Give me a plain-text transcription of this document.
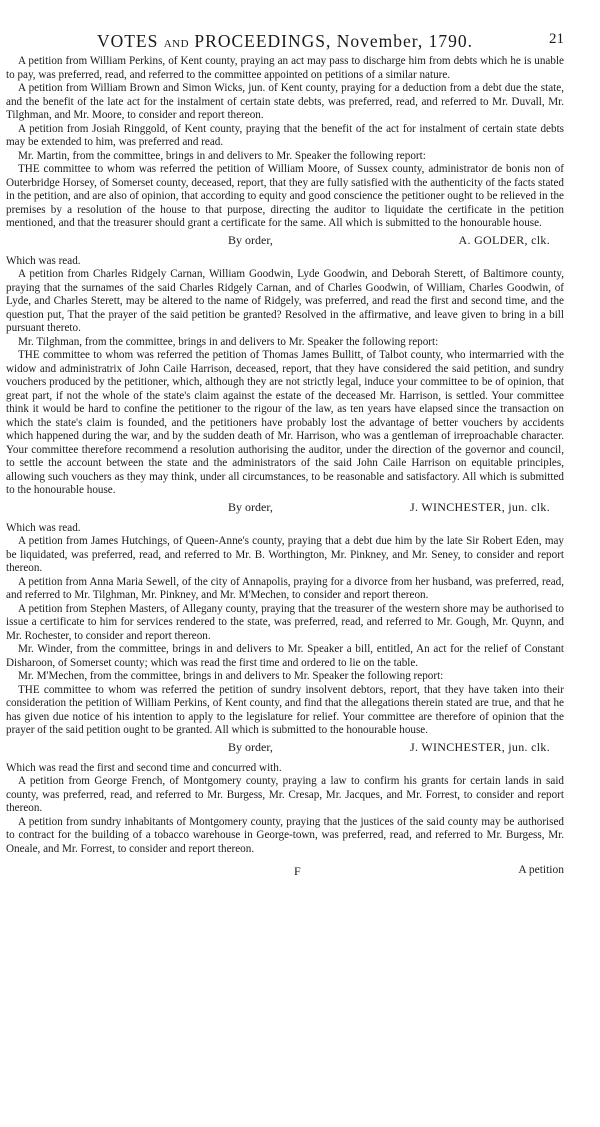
VOTES AND PROCEEDINGS, November, 1790.	21

A petition from William Perkins, of Kent county, praying an act may pass to discharge him from debts which he is unable to pay, was preferred, read, and referred to the committee appointed on petitions of a similar nature.

A petition from William Brown and Simon Wicks, jun. of Kent county, praying for a deduction from a debt due the state, and the benefit of the late act for the instalment of certain state debts, was preferred, read, and referred to Mr. Duvall, Mr. Tilghman, and Mr. Moore, to consider and report thereon.

A petition from Josiah Ringgold, of Kent county, praying that the benefit of the act for instalment of certain state debts may be extended to him, was preferred and read.

Mr. Martin, from the committee, brings in and delivers to Mr. Speaker the following report:

THE committee to whom was referred the petition of William Moore, of Sussex county, administrator de bonis non of Outerbridge Horsey, of Somerset county, deceased, report, that they are fully satisfied with the authenticity of the facts stated in the petition, and are also of opinion, that according to equity and good conscience the petitioner ought to be relieved in the premises by a resolution of the house to that purpose, directing the auditor to liquidate the certificate in the petition mentioned, and that the treasurer should grant a certificate for the same. All which is submitted to the honourable house.

By order,	A. GOLDER, clk.

Which was read.

A petition from Charles Ridgely Carnan, William Goodwin, Lyde Goodwin, and Deborah Sterett, of Baltimore county, praying that the surnames of the said Charles Ridgely Carnan, and of Charles Goodwin, of William, Charles Goodwin, of Lyde, and Charles Sterett, may be altered to the name of Ridgely, was preferred, and read the first and second time, and the question put, That the prayer of the said petition be granted? Resolved in the affirmative, and leave given to bring in a bill pursuant thereto.

Mr. Tilghman, from the committee, brings in and delivers to Mr. Speaker the following report:

THE committee to whom was referred the petition of Thomas James Bullitt, of Talbot county, who intermarried with the widow and administratrix of John Caile Harrison, deceased, report, that they have considered the said petition, and sundry vouchers produced by the petitioner, which, although they are not strictly legal, induce your committee to be of opinion, that great part, if not the whole of the state's claim against the estate of the deceased Mr. Harrison, is settled. Your committee think it would be hard to confine the petitioner to the rigour of the law, as ten years have elapsed since the transaction on which the state's claim is founded, and the petitioners have probably lost the advantage of better vouchers by accidents which happened during the war, and by the sudden death of Mr. Harrison, who was a gentleman of irreproachable character. Your committee therefore recommend a resolution authorising the auditor, under the direction of the governor and council, to settle the account between the state and the administrators of the said John Caile Harrison on equitable principles, allowing such vouchers as they may think, under all circumstances, to be reasonable and satisfactory. All which is submitted to the honourable house.

By order,	J. WINCHESTER, jun. clk.

Which was read.

A petition from James Hutchings, of Queen-Anne's county, praying that a debt due him by the late Sir Robert Eden, may be liquidated, was preferred, read, and referred to Mr. B. Worthington, Mr. Pinkney, and Mr. Seney, to consider and report thereon.

A petition from Anna Maria Sewell, of the city of Annapolis, praying for a divorce from her husband, was preferred, read, and referred to Mr. Tilghman, Mr. Pinkney, and Mr. M'Mechen, to consider and report thereon.

A petition from Stephen Masters, of Allegany county, praying that the treasurer of the western shore may be authorised to issue a certificate to him for services rendered to the state, was preferred, read, and referred to Mr. Gough, Mr. Quynn, and Mr. Rochester, to consider and report thereon.

Mr. Winder, from the committee, brings in and delivers to Mr. Speaker a bill, entitled, An act for the relief of Constant Disharoon, of Somerset county; which was read the first time and ordered to lie on the table.

Mr. M'Mechen, from the committee, brings in and delivers to Mr. Speaker the following report:

THE committee to whom was referred the petition of sundry insolvent debtors, report, that they have taken into their consideration the petition of William Perkins, of Kent county, and find that the allegations therein stated are true, and that he has given due notice of his intention to apply to the legislature for relief. Your committee are therefore of opinion that the prayer of the said petition ought to be granted. All which is submitted to the honourable house.

By order,	J. WINCHESTER, jun. clk.

Which was read the first and second time and concurred with.

A petition from George French, of Montgomery county, praying a law to confirm his grants for certain lands in said county, was preferred, read, and referred to Mr. Burgess, Mr. Cresap, Mr. Jacques, and Mr. Forrest, to consider and report thereon.

A petition from sundry inhabitants of Montgomery county, praying that the justices of the said county may be authorised to contract for the building of a tobacco warehouse in George-town, was preferred, read, and referred to Mr. Burgess, Mr. Oneale, and Mr. Forrest, to consider and report thereon.

F	A petition
